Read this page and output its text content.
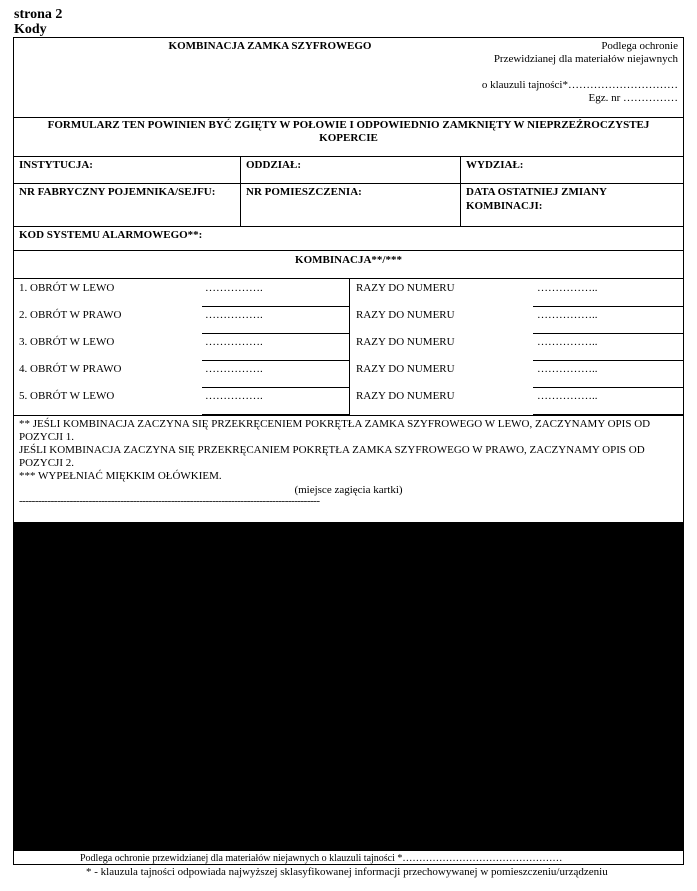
strona 2
Kody
KOMBINACJA ZAMKA SZYFROWEGO	Podlega ochronie
Przewidzianej dla materiałów niejawnych
o klauzuli tajności*…………………………
Egz. nr ……………
FORMULARZ TEN POWINIEN BYĆ ZGIĘTY W POŁOWIE I ODPOWIEDNIO ZAMKNIĘTY W NIEPRZEŹROCZYSTEJ KOPERCIE
INSTYTUCJA:	ODDZIAŁ:	WYDZIAŁ:
NR FABRYCZNY POJEMNIKA/SEJFU:	NR POMIESZCZENIA:	DATA OSTATNIEJ ZMIANY
KOMBINACJI:
KOD SYSTEMU ALARMOWEGO**:
KOMBINACJA**/***
1. OBRÓT W LEWO	…………….	RAZY DO NUMERU	……………..
2. OBRÓT W PRAWO	…………….	RAZY DO NUMERU	……………..
3. OBRÓT W LEWO	…………….	RAZY DO NUMERU	……………..
4. OBRÓT W PRAWO	…………….	RAZY DO NUMERU	……………..
5. OBRÓT W LEWO	…………….	RAZY DO NUMERU	……………..
** JEŚLI KOMBINACJA ZACZYNA SIĘ PRZEKRĘCENIEM POKRĘTŁA ZAMKA SZYFROWEGO W LEWO, ZACZYNAMY OPIS OD POZYCJI 1.
JEŚLI KOMBINACJA ZACZYNA SIĘ PRZEKRĘCANIEM POKRĘTŁA ZAMKA SZYFROWEGO W PRAWO, ZACZYNAMY OPIS OD POZYCJI 2.
*** WYPEŁNIAĆ MIĘKKIM OŁÓWKIEM.
(miejsce zagięcia kartki)
-----------------------------------------------------------------------------------------------
Podlega ochronie przewidzianej dla materiałów niejawnych o klauzuli tajności *…………………………………………
* - klauzula tajności odpowiada najwyższej sklasyfikowanej informacji przechowywanej w pomieszczeniu/urządzeniu
